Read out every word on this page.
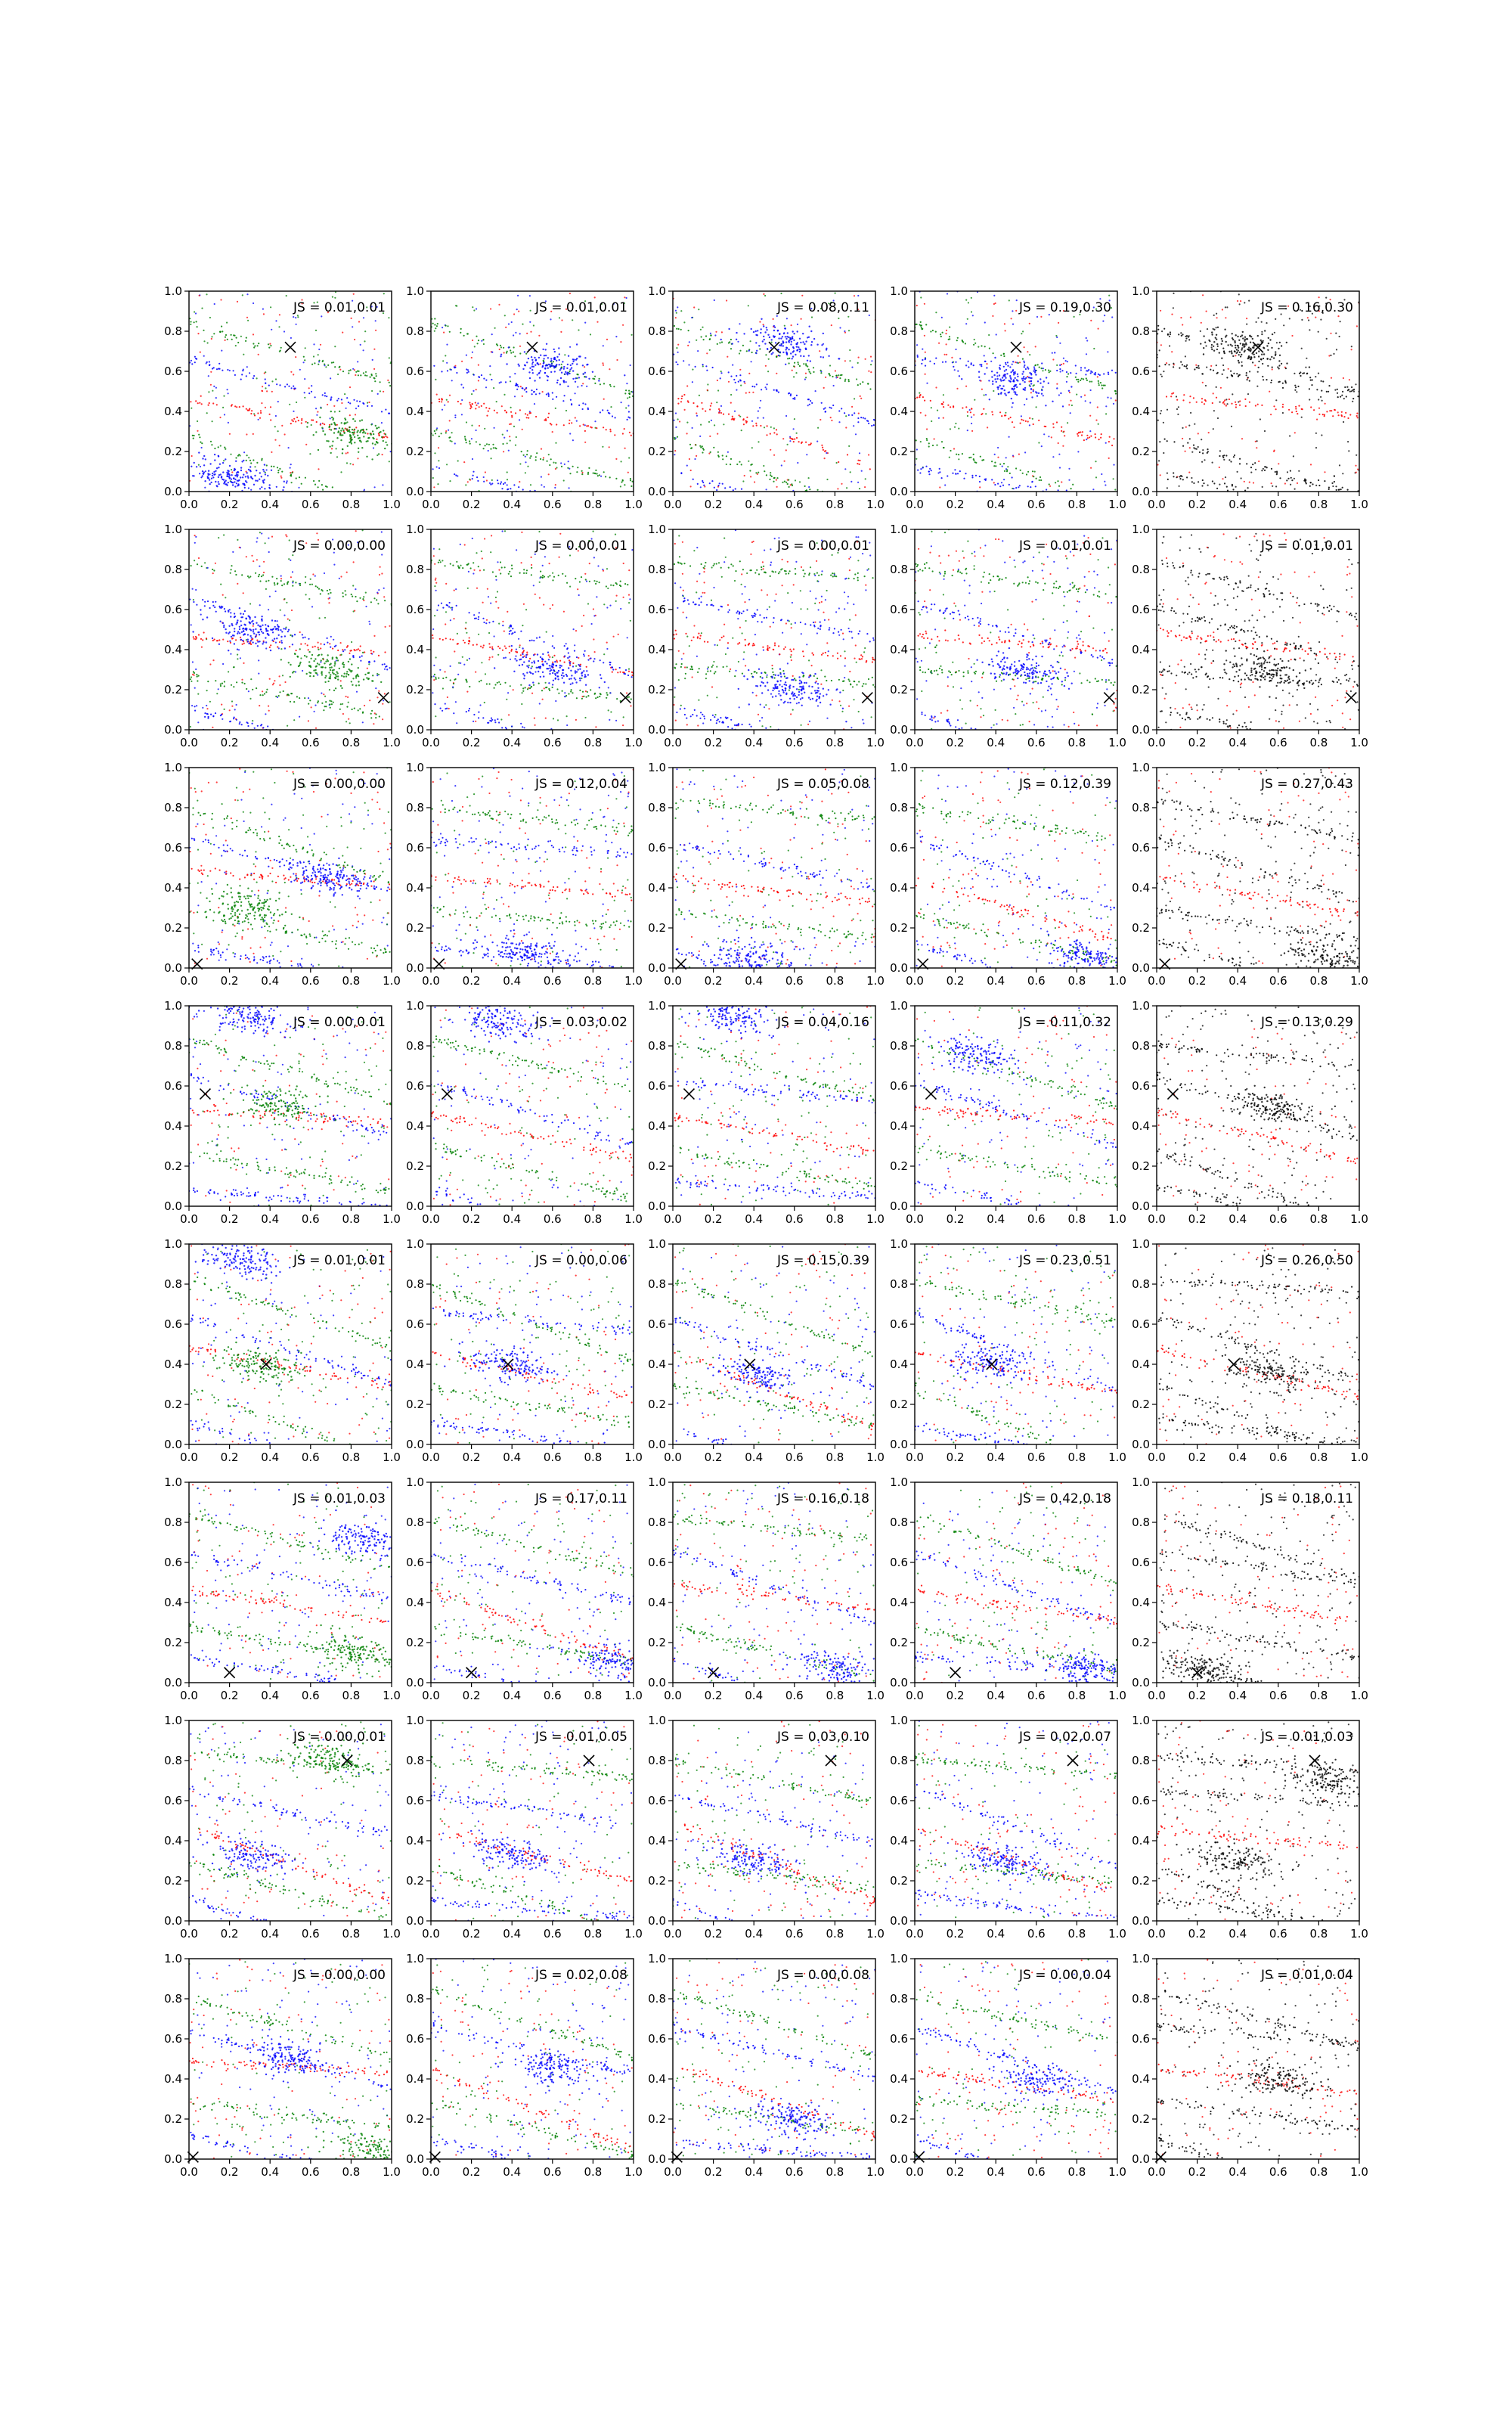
0.0 0.2 0.4 0.6 0.8 1.0
0.0
0.2
0.4
0.6
0.8
1.0
JS = 0.01,0.01
0.0 0.2 0.4 0.6 0.8 1.0
0.0
0.2
0.4
0.6
0.8
1.0
JS = 0.01,0.01
0.0 0.2 0.4 0.6 0.8 1.0
0.0
0.2
0.4
0.6
0.8
1.0
JS = 0.08,0.11
0.0 0.2 0.4 0.6 0.8 1.0
0.0
0.2
0.4
0.6
0.8
1.0
JS = 0.19,0.30
0.0 0.2 0.4 0.6 0.8 1.0
0.0
0.2
0.4
0.6
0.8
1.0
JS = 0.16,0.30
0.0 0.2 0.4 0.6 0.8 1.0
0.0
0.2
0.4
0.6
0.8
1.0
JS = 0.00,0.00
0.0 0.2 0.4 0.6 0.8 1.0
0.0
0.2
0.4
0.6
0.8
1.0
JS = 0.00,0.01
0.0 0.2 0.4 0.6 0.8 1.0
0.0
0.2
0.4
0.6
0.8
1.0
JS = 0.00,0.01
0.0 0.2 0.4 0.6 0.8 1.0
0.0
0.2
0.4
0.6
0.8
1.0
JS = 0.01,0.01
0.0 0.2 0.4 0.6 0.8 1.0
0.0
0.2
0.4
0.6
0.8
1.0
JS = 0.01,0.01
0.0 0.2 0.4 0.6 0.8 1.0
0.0
0.2
0.4
0.6
0.8
1.0
JS = 0.00,0.00
0.0 0.2 0.4 0.6 0.8 1.0
0.0
0.2
0.4
0.6
0.8
1.0
JS = 0.12,0.04
0.0 0.2 0.4 0.6 0.8 1.0
0.0
0.2
0.4
0.6
0.8
1.0
JS = 0.05,0.08
0.0 0.2 0.4 0.6 0.8 1.0
0.0
0.2
0.4
0.6
0.8
1.0
JS = 0.12,0.39
0.0 0.2 0.4 0.6 0.8 1.0
0.0
0.2
0.4
0.6
0.8
1.0
JS = 0.27,0.43
0.0 0.2 0.4 0.6 0.8 1.0
0.0
0.2
0.4
0.6
0.8
1.0
JS = 0.00,0.01
0.0 0.2 0.4 0.6 0.8 1.0
0.0
0.2
0.4
0.6
0.8
1.0
JS = 0.03,0.02
0.0 0.2 0.4 0.6 0.8 1.0
0.0
0.2
0.4
0.6
0.8
1.0
JS = 0.04,0.16
0.0 0.2 0.4 0.6 0.8 1.0
0.0
0.2
0.4
0.6
0.8
1.0
JS = 0.11,0.32
0.0 0.2 0.4 0.6 0.8 1.0
0.0
0.2
0.4
0.6
0.8
1.0
JS = 0.13,0.29
0.0 0.2 0.4 0.6 0.8 1.0
0.0
0.2
0.4
0.6
0.8
1.0
JS = 0.01,0.01
0.0 0.2 0.4 0.6 0.8 1.0
0.0
0.2
0.4
0.6
0.8
1.0
JS = 0.00,0.06
0.0 0.2 0.4 0.6 0.8 1.0
0.0
0.2
0.4
0.6
0.8
1.0
JS = 0.15,0.39
0.0 0.2 0.4 0.6 0.8 1.0
0.0
0.2
0.4
0.6
0.8
1.0
JS = 0.23,0.51
0.0 0.2 0.4 0.6 0.8 1.0
0.0
0.2
0.4
0.6
0.8
1.0
JS = 0.26,0.50
0.0 0.2 0.4 0.6 0.8 1.0
0.0
0.2
0.4
0.6
0.8
1.0
JS = 0.01,0.03
0.0 0.2 0.4 0.6 0.8 1.0
0.0
0.2
0.4
0.6
0.8
1.0
JS = 0.17,0.11
0.0 0.2 0.4 0.6 0.8 1.0
0.0
0.2
0.4
0.6
0.8
1.0
JS = 0.16,0.18
0.0 0.2 0.4 0.6 0.8 1.0
0.0
0.2
0.4
0.6
0.8
1.0
JS = 0.42,0.18
0.0 0.2 0.4 0.6 0.8 1.0
0.0
0.2
0.4
0.6
0.8
1.0
JS = 0.18,0.11
0.0 0.2 0.4 0.6 0.8 1.0
0.0
0.2
0.4
0.6
0.8
1.0
JS = 0.00,0.01
0.0 0.2 0.4 0.6 0.8 1.0
0.0
0.2
0.4
0.6
0.8
1.0
JS = 0.01,0.05
0.0 0.2 0.4 0.6 0.8 1.0
0.0
0.2
0.4
0.6
0.8
1.0
JS = 0.03,0.10
0.0 0.2 0.4 0.6 0.8 1.0
0.0
0.2
0.4
0.6
0.8
1.0
JS = 0.02,0.07
0.0 0.2 0.4 0.6 0.8 1.0
0.0
0.2
0.4
0.6
0.8
1.0
JS = 0.01,0.03
0.0 0.2 0.4 0.6 0.8 1.0
0.0
0.2
0.4
0.6
0.8
1.0
JS = 0.00,0.00
0.0 0.2 0.4 0.6 0.8 1.0
0.0
0.2
0.4
0.6
0.8
1.0
JS = 0.02,0.08
0.0 0.2 0.4 0.6 0.8 1.0
0.0
0.2
0.4
0.6
0.8
1.0
JS = 0.00,0.08
0.0 0.2 0.4 0.6 0.8 1.0
0.0
0.2
0.4
0.6
0.8
1.0
JS = 0.00,0.04
0.0 0.2 0.4 0.6 0.8 1.0
0.0
0.2
0.4
0.6
0.8
1.0
JS = 0.01,0.04
